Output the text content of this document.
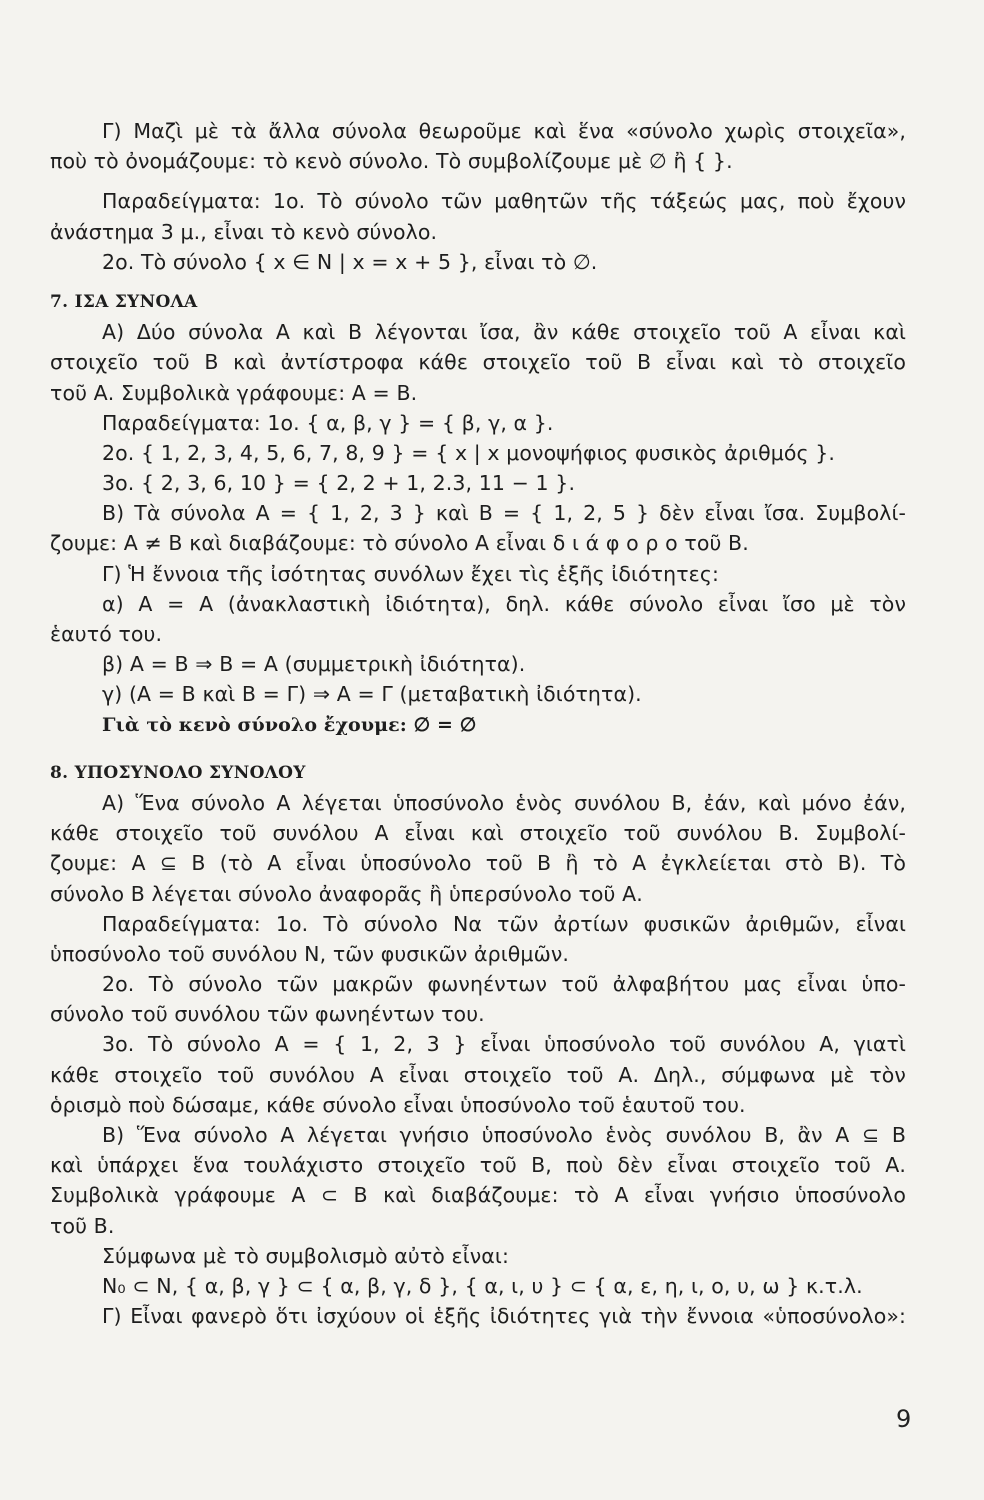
Γ) Μαζὶ μὲ τὰ ἄλλα σύνολα θεωροῦμε καὶ ἕνα «σύνολο χωρὶς στοιχεῖα»,
ποὺ τὸ ὀνομάζουμε: τὸ κενὸ σύνολο. Τὸ συμβολίζουμε μὲ ∅ ἢ { }.
Παραδείγματα: 1ο. Τὸ σύνολο τῶν μαθητῶν τῆς τάξεώς μας, ποὺ ἔχουν
ἀνάστημα 3 μ., εἶναι τὸ κενὸ σύνολο.
2ο. Τὸ σύνολο { x ∈ N | x = x + 5 }, εἶναι τὸ ∅.
7. ΙΣΑ ΣΥΝΟΛΑ
Α) Δύο σύνολα Α καὶ Β λέγονται ἴσα, ἂν κάθε στοιχεῖο τοῦ Α εἶναι καὶ
στοιχεῖο τοῦ Β καὶ ἀντίστροφα κάθε στοιχεῖο τοῦ Β εἶναι καὶ τὸ στοιχεῖο
τοῦ Α. Συμβολικὰ γράφουμε: Α = Β.
Παραδείγματα: 1ο. { α, β, γ } = { β, γ, α }.
2ο. { 1, 2, 3, 4, 5, 6, 7, 8, 9 } = { x | x μονοψήφιος φυσικὸς ἀριθμός }.
3ο. { 2, 3, 6, 10 } = { 2, 2 + 1, 2.3, 11 − 1 }.
Β) Τὰ σύνολα Α = { 1, 2, 3 } καὶ Β = { 1, 2, 5 } δὲν εἶναι ἴσα. Συμβολί-
ζουμε: Α ≠ Β καὶ διαβάζουμε: τὸ σύνολο Α εἶναι δ ι ά φ ο ρ ο τοῦ Β.
Γ) Ἡ ἔννοια τῆς ἰσότητας συνόλων ἔχει τὶς ἑξῆς ἰδιότητες:
α) Α = Α (ἀνακλαστικὴ ἰδιότητα), δηλ. κάθε σύνολο εἶναι ἴσο μὲ τὸν
ἑαυτό του.
β) Α = Β ⇒ Β = Α (συμμετρικὴ ἰδιότητα).
γ) (Α = Β καὶ Β = Γ) ⇒ Α = Γ (μεταβατικὴ ἰδιότητα).
Γιὰ τὸ κενὸ σύνολο ἔχουμε: ∅ = ∅
8. ΥΠΟΣΥΝΟΛΟ ΣΥΝΟΛΟΥ
Α) Ἕνα σύνολο Α λέγεται ὑποσύνολο ἑνὸς συνόλου Β, ἐάν, καὶ μόνο ἐάν,
κάθε στοιχεῖο τοῦ συνόλου Α εἶναι καὶ στοιχεῖο τοῦ συνόλου Β. Συμβολί-
ζουμε: Α ⊆ Β (τὸ Α εἶναι ὑποσύνολο τοῦ Β ἢ τὸ Α ἐγκλείεται στὸ Β). Τὸ
σύνολο Β λέγεται σύνολο ἀναφορᾶς ἢ ὑπερσύνολο τοῦ Α.
Παραδείγματα: 1ο. Τὸ σύνολο Nα τῶν ἀρτίων φυσικῶν ἀριθμῶν, εἶναι
ὑποσύνολο τοῦ συνόλου N, τῶν φυσικῶν ἀριθμῶν.
2ο. Τὸ σύνολο τῶν μακρῶν φωνηέντων τοῦ ἀλφαβήτου μας εἶναι ὑπο-
σύνολο τοῦ συνόλου τῶν φωνηέντων του.
3ο. Τὸ σύνολο Α = { 1, 2, 3 } εἶναι ὑποσύνολο τοῦ συνόλου Α, γιατὶ
κάθε στοιχεῖο τοῦ συνόλου Α εἶναι στοιχεῖο τοῦ Α. Δηλ., σύμφωνα μὲ τὸν
ὁρισμὸ ποὺ δώσαμε, κάθε σύνολο εἶναι ὑποσύνολο τοῦ ἑαυτοῦ του.
Β) Ἕνα σύνολο Α λέγεται γνήσιο ὑποσύνολο ἑνὸς συνόλου Β, ἂν Α ⊆ Β
καὶ ὑπάρχει ἕνα τουλάχιστο στοιχεῖο τοῦ Β, ποὺ δὲν εἶναι στοιχεῖο τοῦ Α.
Συμβολικὰ γράφουμε Α ⊂ Β καὶ διαβάζουμε: τὸ Α εἶναι γνήσιο ὑποσύνολο
τοῦ Β.
Σύμφωνα μὲ τὸ συμβολισμὸ αὐτὸ εἶναι:
N₀ ⊂ N, { α, β, γ } ⊂ { α, β, γ, δ }, { α, ι, υ } ⊂ { α, ε, η, ι, ο, υ, ω } κ.τ.λ.
Γ) Εἶναι φανερὸ ὅτι ἰσχύουν οἱ ἑξῆς ἰδιότητες γιὰ τὴν ἔννοια «ὑποσύνολο»:
9
